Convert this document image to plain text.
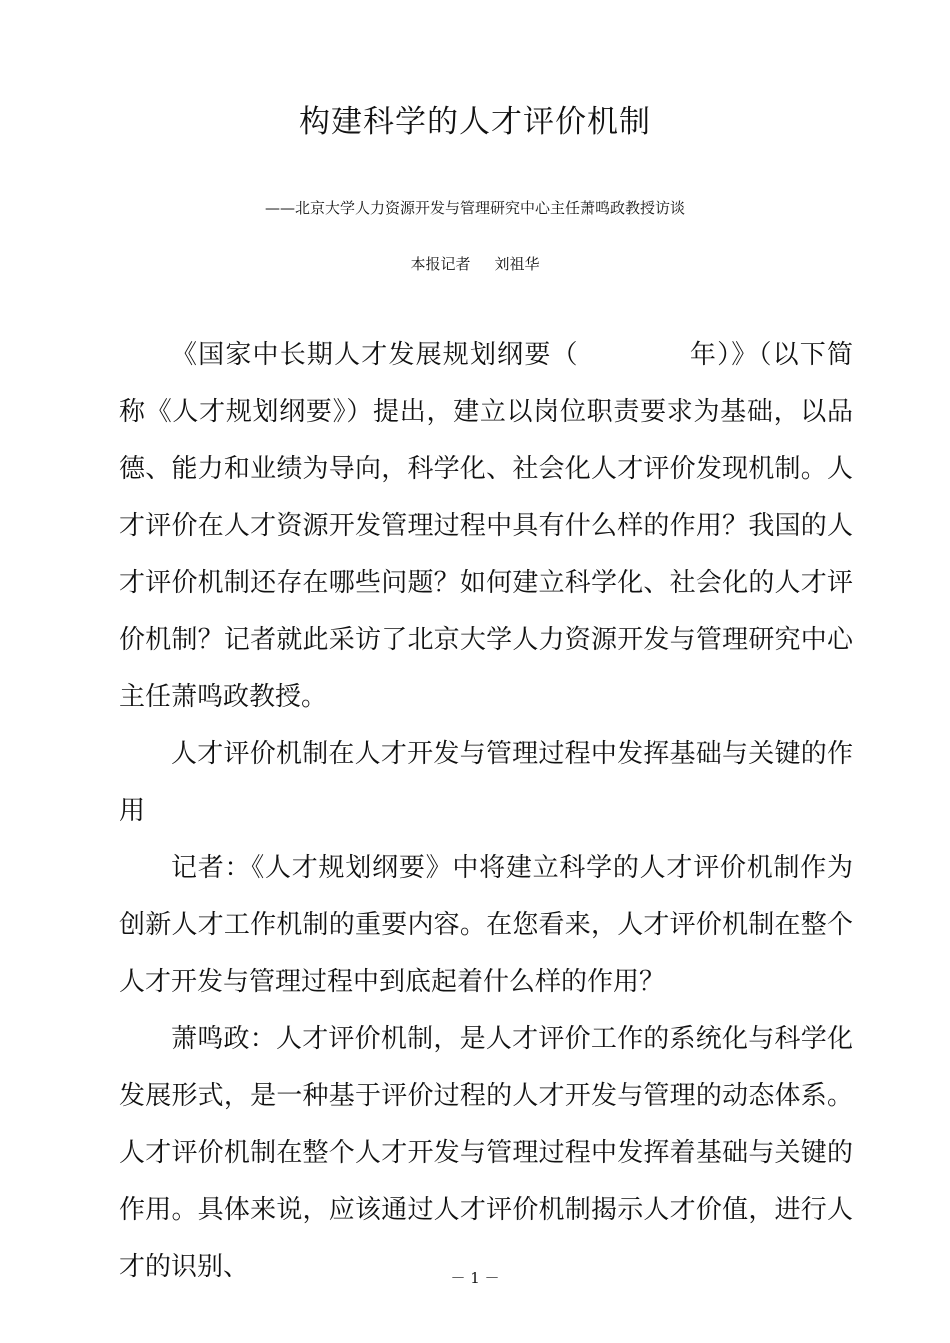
构建科学的人才评价机制
——北京大学人力资源开发与管理研究中心主任萧鸣政教授访谈
本报记者 刘祖华

《国家中长期人才发展规划纲要（	年）》（以下简称《人才规划纲要》）提出，建立以岗位职责要求为基础，以品德、能力和业绩为导向，科学化、社会化人才评价发现机制。人才评价在人才资源开发管理过程中具有什么样的作用？我国的人才评价机制还存在哪些问题？如何建立科学化、社会化的人才评价机制？记者就此采访了北京大学人力资源开发与管理研究中心主任萧鸣政教授。

人才评价机制在人才开发与管理过程中发挥基础与关键的作用

记者：《人才规划纲要》中将建立科学的人才评价机制作为创新人才工作机制的重要内容。在您看来，人才评价机制在整个人才开发与管理过程中到底起着什么样的作用？

萧鸣政：人才评价机制，是人才评价工作的系统化与科学化发展形式，是一种基于评价过程的人才开发与管理的动态体系。人才评价机制在整个人才开发与管理过程中发挥着基础与关键的作用。具体来说，应该通过人才评价机制揭示人才价值，进行人才的识别、	－ 1 －
